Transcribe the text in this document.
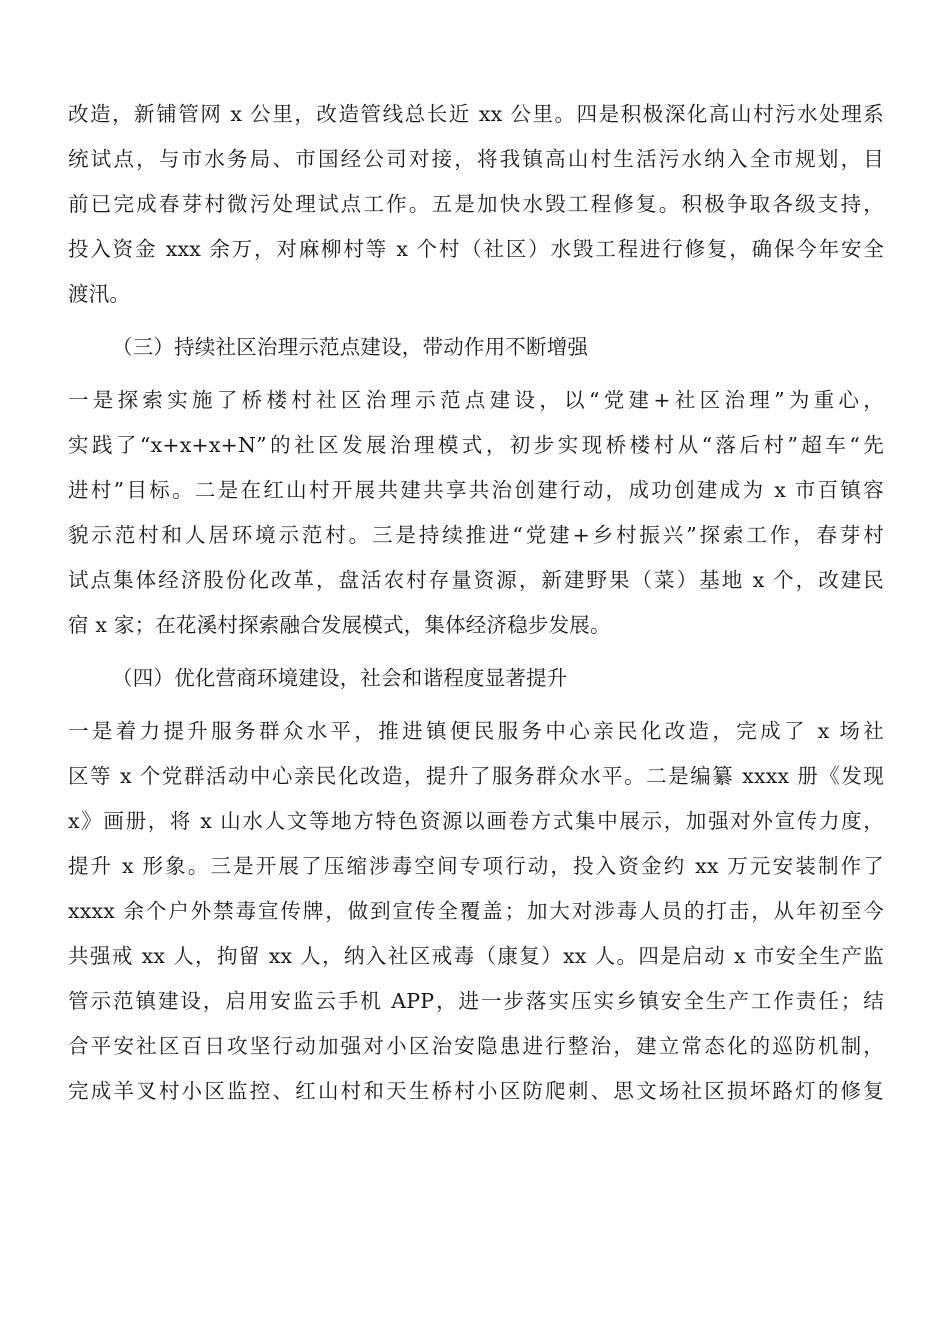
改造，新铺管网 x 公里，改造管线总长近 xx 公里。四是积极深化高山村污水处理系
统试点，与市水务局、市国经公司对接，将我镇高山村生活污水纳入全市规划，目
前已完成春芽村微污处理试点工作。五是加快水毁工程修复。积极争取各级支持，
投入资金 xxx 余万，对麻柳村等 x 个村（社区）水毁工程进行修复，确保今年安全
渡汛。
（三）持续社区治理示范点建设，带动作用不断增强
一是探索实施了桥楼村社区治理示范点建设，以“党建+社区治理”为重心，
实践了“x+x+x+N”的社区发展治理模式，初步实现桥楼村从“落后村”超车“先
进村”目标。二是在红山村开展共建共享共治创建行动，成功创建成为 x 市百镇容
貌示范村和人居环境示范村。三是持续推进“党建+乡村振兴”探索工作，春芽村
试点集体经济股份化改革，盘活农村存量资源，新建野果（菜）基地 x 个，改建民
宿 x 家；在花溪村探索融合发展模式，集体经济稳步发展。
（四）优化营商环境建设，社会和谐程度显著提升
一是着力提升服务群众水平，推进镇便民服务中心亲民化改造，完成了 x 场社
区等 x 个党群活动中心亲民化改造，提升了服务群众水平。二是编纂 xxxx 册《发现
x》画册，将 x 山水人文等地方特色资源以画卷方式集中展示，加强对外宣传力度，
提升 x 形象。三是开展了压缩涉毒空间专项行动，投入资金约 xx 万元安装制作了
xxxx 余个户外禁毒宣传牌，做到宣传全覆盖；加大对涉毒人员的打击，从年初至今
共强戒 xx 人，拘留 xx 人，纳入社区戒毒（康复）xx 人。四是启动 x 市安全生产监
管示范镇建设，启用安监云手机 APP，进一步落实压实乡镇安全生产工作责任；结
合平安社区百日攻坚行动加强对小区治安隐患进行整治，建立常态化的巡防机制，
完成羊叉村小区监控、红山村和天生桥村小区防爬刺、思文场社区损坏路灯的修复
